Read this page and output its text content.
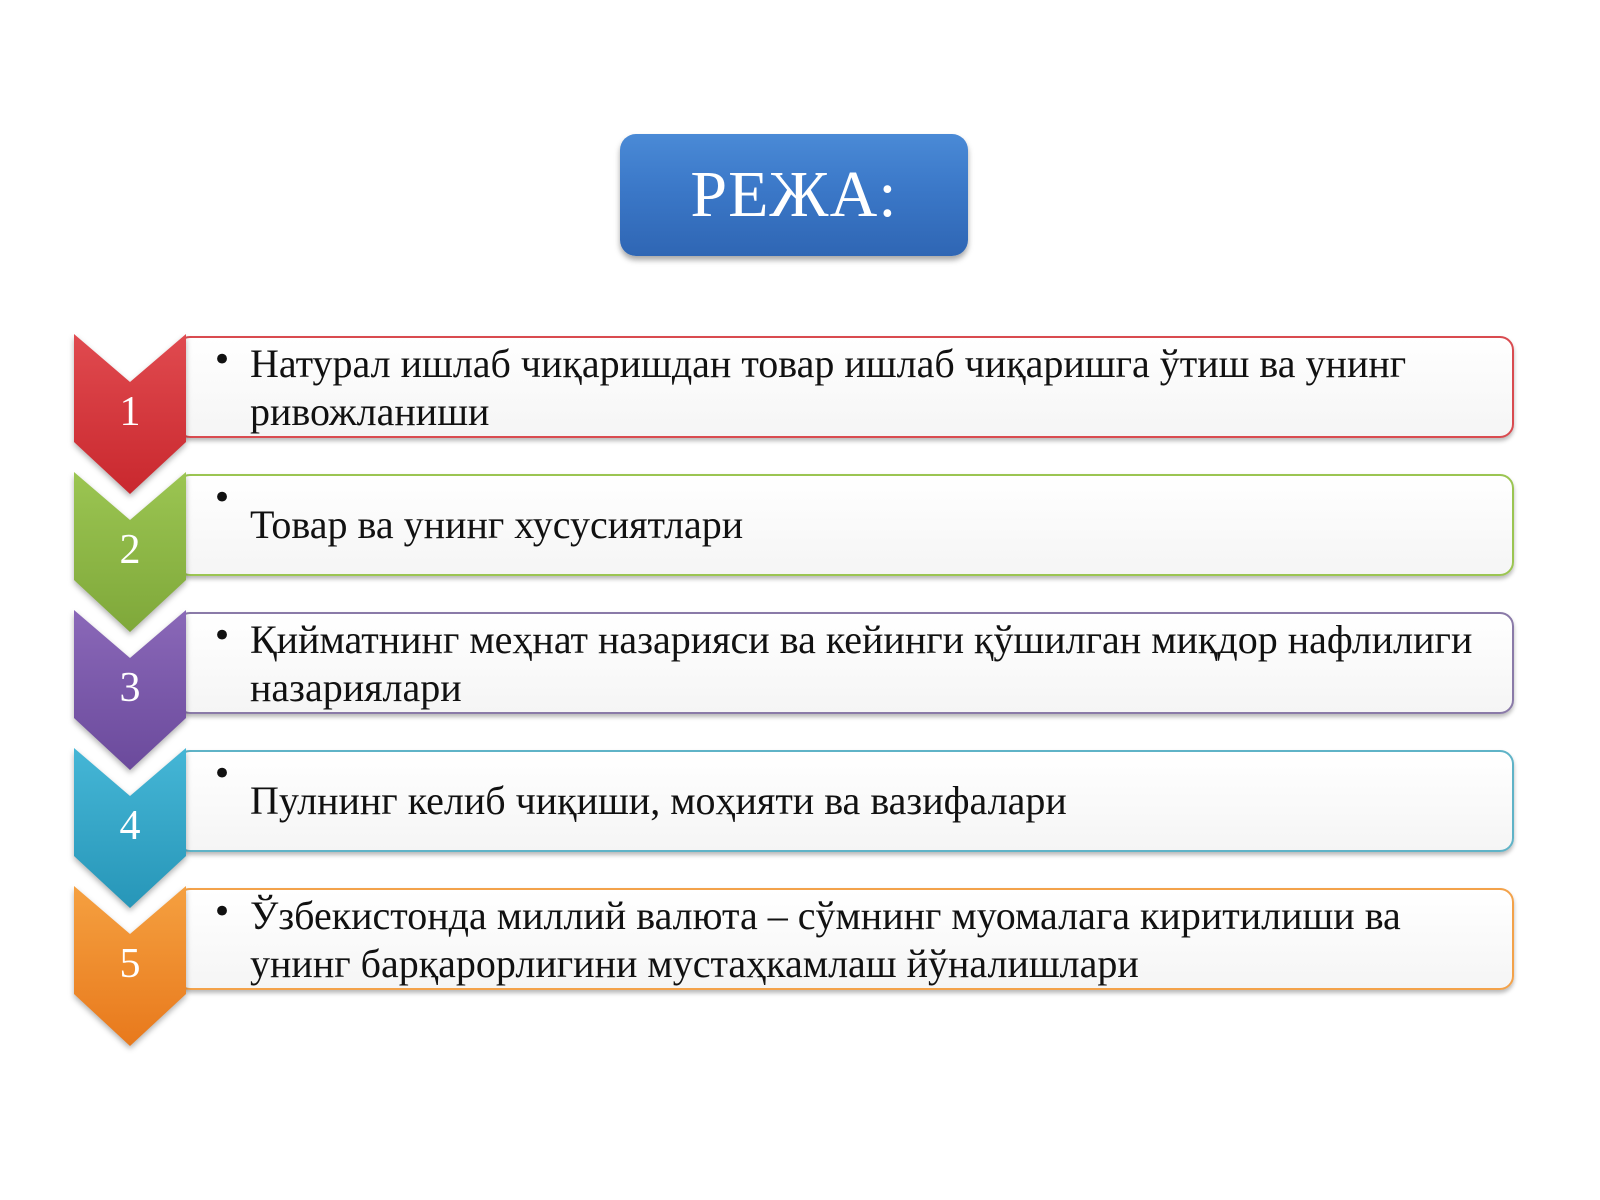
РЕЖА:
• Натурал ишлаб чиқаришдан товар ишлаб чиқаришга ўтиш ва унинг ривожланиши
1
•
Товар ва унинг хусусиятлари
2
• Қийматнинг меҳнат назарияси ва кейинги қўшилган миқдор нафлилиги назариялари
3
•
Пулнинг келиб чиқиши, моҳияти ва вазифалари
4
• Ўзбекистонда миллий валюта – сўмнинг муомалага киритилиши ва унинг барқарорлигини мустаҳкамлаш йўналишлари
5
